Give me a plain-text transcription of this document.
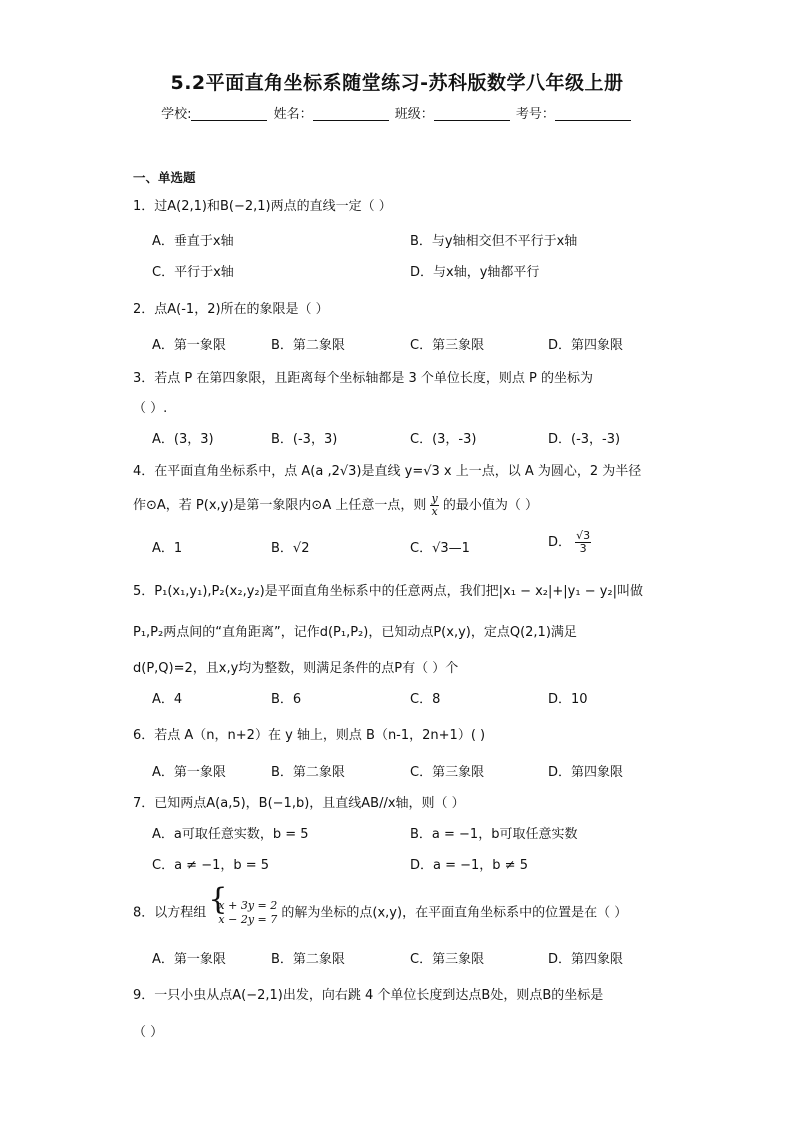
5.2平面直角坐标系随堂练习-苏科版数学八年级上册
学校:	姓名：	班级：	考号：
一、单选题
1．过A(2,1)和B(−2,1)两点的直线一定（ ）
A．垂直于x轴	B．与y轴相交但不平行于x轴
C．平行于x轴	D．与x轴，y轴都平行
2．点A(-1，2)所在的象限是（ ）
A．第一象限	B．第二象限	C．第三象限	D．第四象限
3．若点 P 在第四象限，且距离每个坐标轴都是 3 个单位长度，则点 P 的坐标为
（ ）.
A．(3，3)	B．(-3，3)	C．(3，-3)	D．(-3，-3)
4．在平面直角坐标系中，点 A(a ,2√3)是直线 y=√3 x 上一点，以 A 为圆心，2 为半径
作⊙A，若 P(x,y)是第一象限内⊙A 上任意一点，则 $\frac{y}{x}$ 的最小值为（ ）
A．1	B．√2	C．√3—1	D． $\frac{√3}{3}$
5．P₁(x₁,y₁),P₂(x₂,y₂)是平面直角坐标系中的任意两点，我们把|x₁ − x₂|+|y₁ − y₂|叫做
P₁,P₂两点间的“直角距离”，记作d(P₁,P₂)，已知动点P(x,y)，定点Q(2,1)满足
d(P,Q)=2，且x,y均为整数，则满足条件的点P有（ ）个
A．4	B．6	C．8	D．10
6．若点 A（n，n+2）在 y 轴上，则点 B（n-1，2n+1）( )
A．第一象限	B．第二象限	C．第三象限	D．第四象限
7．已知两点A(a,5)，B(−1,b)，且直线AB//x轴，则（ ）
A．a可取任意实数，b = 5	B．a = −1，b可取任意实数
C．a ≠ −1，b = 5	D．a = −1，b ≠ 5
8．以方程组
{ x + 3y = 2
x − 2y = 7 的解为坐标的点(x,y)，在平面直角坐标系中的位置是在（ ）
A．第一象限	B．第二象限	C．第三象限	D．第四象限
9．一只小虫从点A(−2,1)出发，向右跳 4 个单位长度到达点B处，则点B的坐标是
（ ）
